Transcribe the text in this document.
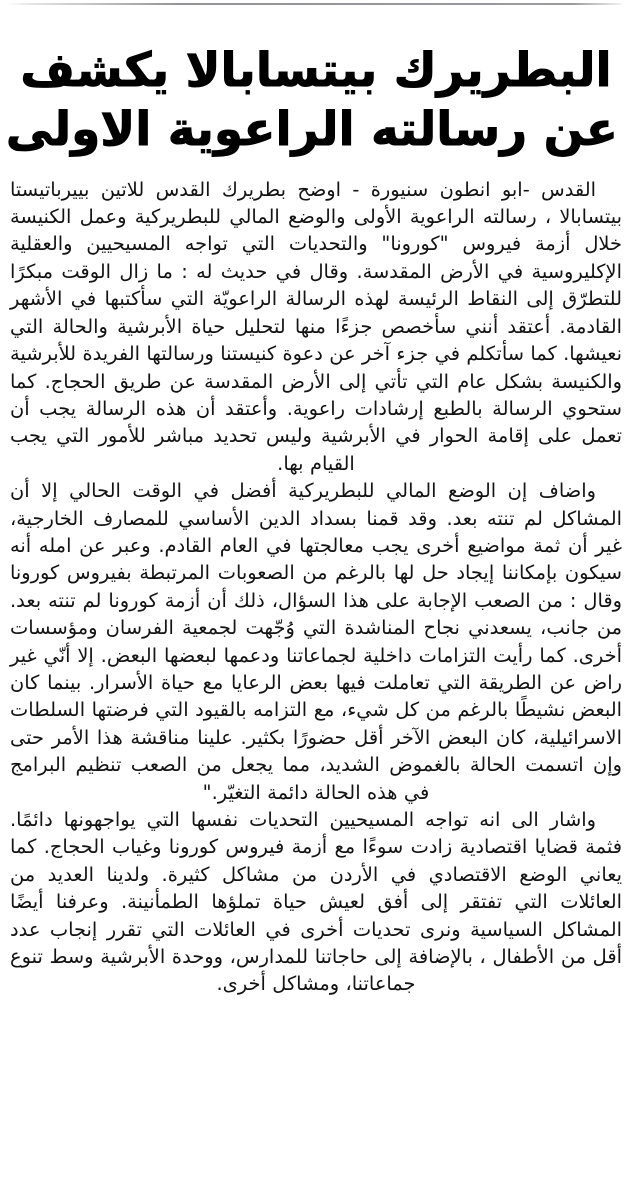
البطريرك بيتسابالا يكشف
عن رسالته الراعوية الاولى

القدس -ابو انطون سنيورة - اوضح بطريرك القدس للاتين بييرباتيستا بيتسابالا ، رسالته الراعوية الأولى والوضع المالي للبطريركية وعمل الكنيسة خلال أزمة فيروس "كورونا" والتحديات التي تواجه المسيحيين والعقلية الإكليروسية في الأرض المقدسة. وقال في حديث له : ما زال الوقت مبكرًا للتطرّق إلى النقاط الرئيسة لهذه الرسالة الراعويّة التي سأكتبها في الأشهر القادمة. أعتقد أنني سأخصص جزءًا منها لتحليل حياة الأبرشية والحالة التي نعيشها. كما سأتكلم في جزء آخر عن دعوة كنيستنا ورسالتها الفريدة للأبرشية والكنيسة بشكل عام التي تأتي إلى الأرض المقدسة عن طريق الحجاج. كما ستحوي الرسالة بالطبع إرشادات راعوية. وأعتقد أن هذه الرسالة يجب أن تعمل على إقامة الحوار في الأبرشية وليس تحديد مباشر للأمور التي يجب القيام بها.

واضاف إن الوضع المالي للبطريركية أفضل في الوقت الحالي إلا أن المشاكل لم تنته بعد. وقد قمنا بسداد الدين الأساسي للمصارف الخارجية، غير أن ثمة مواضيع أخرى يجب معالجتها في العام القادم. وعبر عن امله أنه سيكون بإمكاننا إيجاد حل لها بالرغم من الصعوبات المرتبطة بفيروس كورونا وقال : من الصعب الإجابة على هذا السؤال، ذلك أن أزمة كورونا لم تنته بعد. من جانب، يسعدني نجاح المناشدة التي وُجّهت لجمعية الفرسان ومؤسسات أخرى. كما رأيت التزامات داخلية لجماعاتنا ودعمها لبعضها البعض. إلا أنّي غير راض عن الطريقة التي تعاملت فيها بعض الرعايا مع حياة الأسرار. بينما كان البعض نشيطًا بالرغم من كل شيء، مع التزامه بالقيود التي فرضتها السلطات الاسرائيلية، كان البعض الآخر أقل حضورًا بكثير. علينا مناقشة هذا الأمر حتى وإن اتسمت الحالة بالغموض الشديد، مما يجعل من الصعب تنظيم البرامج في هذه الحالة دائمة التغيّر."

واشار الى انه تواجه المسيحيين التحديات نفسها التي يواجهونها دائمًا. فثمة قضايا اقتصادية زادت سوءًا مع أزمة فيروس كورونا وغياب الحجاج. كما يعاني الوضع الاقتصادي في الأردن من مشاكل كثيرة. ولدينا العديد من العائلات التي تفتقر إلى أفق لعيش حياة تملؤها الطمأنينة. وعرفنا أيضًا المشاكل السياسية ونرى تحديات أخرى في العائلات التي تقرر إنجاب عدد أقل من الأطفال ، بالإضافة إلى حاجاتنا للمدارس، ووحدة الأبرشية وسط تنوع جماعاتنا، ومشاكل أخرى.
